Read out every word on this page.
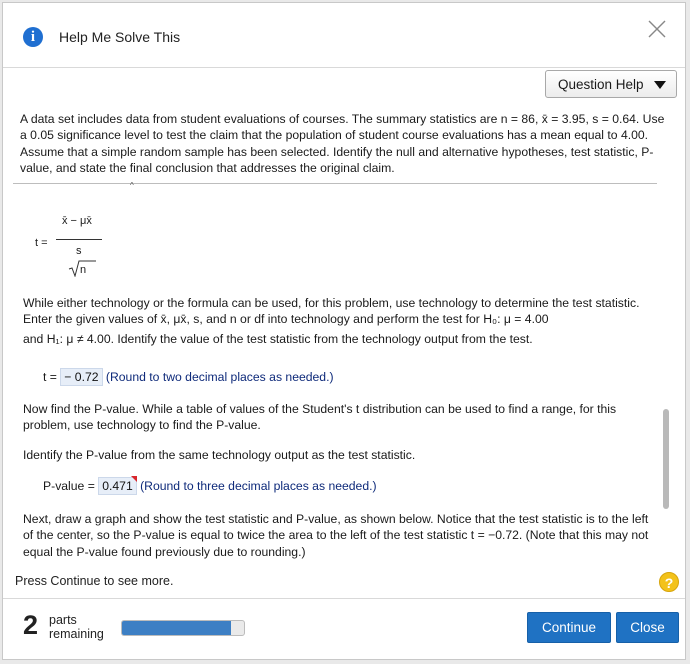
i	Help Me Solve This
Question Help
A data set includes data from student evaluations of courses. The summary statistics are n = 86, x̄ = 3.95, s = 0.64. Use a 0.05 significance level to test the claim that the population of student course evaluations has a mean equal to 4.00. Assume that a simple random sample has been selected. Identify the null and alternative hypotheses, test statistic, P-value, and state the final conclusion that addresses the original claim.
^
x̄ − μx̄
t =
s
n
While either technology or the formula can be used, for this problem, use technology to determine the test statistic. Enter the given values of x̄, μx̄, s, and n or df into technology and perform the test for H₀: μ = 4.00
and H₁: μ ≠ 4.00. Identify the value of the test statistic from the technology output from the test.
t = − 0.72 (Round to two decimal places as needed.)
Now find the P-value. While a table of values of the Student's t distribution can be used to find a range, for this problem, use technology to find the P-value.
Identify the P-value from the same technology output as the test statistic.
P-value = 0.471 (Round to three decimal places as needed.)
Next, draw a graph and show the test statistic and P-value, as shown below. Notice that the test statistic is to the left of the center, so the P-value is equal to twice the area to the left of the test statistic t = −0.72. (Note that this may not equal the P-value found previously due to rounding.)
Press Continue to see more.	?
2 parts
remaining	Continue	Close
